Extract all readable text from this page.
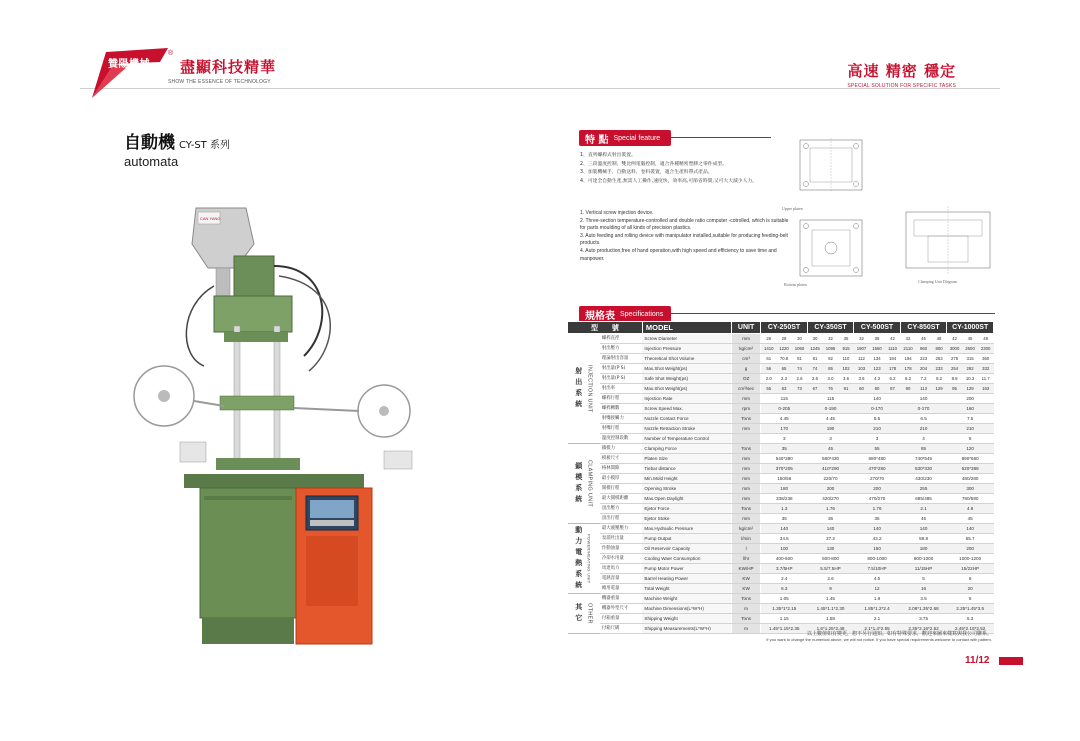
贊陽機械
®
盡顯科技精華
SHOW THE ESSENCE OF TECHNOLOGY
高速 精密 穩定
SPECIAL SOLUTION FOR SPECIFIC TASKS
自動機 CY-ST 系列
automata
CAN YANG
特 點 Special feature
1、直列螺桿式射出裝置。
2、三段溫度控制，雙比例電腦控制，適合各種精密塑膠之零件成型。
3、加裝機械手，自動送料，卷料裝置，適合生產料帶式產品。
4、可達全自動生產,無需人工操作,速度快，效率高,可節省時間,又可大大減少人力。
1. Vertical screw injection device.
2. Three-section temperature-controlled and double ratio computer -cotrolled, which is suitable for parts moulding of all kinds of precision plastics.
3. Auto feeding and rolling device with manipulator installed,suitable for producing feeding-belt products.
4. Auto production,free of hand operation,with high speed and efficiency to save time and manpower.
Upper platen
Bottom platen
Clamping Unit Diagram
規格表 Specifications
型　　號		MODEL	UNIT	CY-250ST			CY-350ST			CY-500ST			CY-850ST			CY-1000ST		

射出系統 INJECTION UNIT	螺桿直徑	Screw Diameter	mm	26	28	30	30	32	35	32	35	42	42	45	48	42	45	48
	射出壓力	Injection Pressure	kg/cm²	1410	1220	1060	1245	1095	915	1907	1560	1110	2110	960	800	3000	2600	2300
	理論射出容量	Theoretical Shot Volume	cm³	61	70.8	81	81	92	110	112	134	184	194	223	253	276	315	360
	射出量(P S)	Max.Shot Weight(ps)	g	56	65	74	74	85	102	103	123	178	178	204	233	254	292	332
	射出量(P S)	Safe Shot Weight(ps)	OZ	2.0	2.3	2.6	2.6	3.0	3.6	3.6	4.3	6.2	6.2	7.2	8.2	8.9	10.3	11.7
	射出率	Max.Shot Weight(ps)	cm³/sec	55	63	73	67	76	91	60	60	87	90	113	129	95	129	163
	螺桿行程	Injection Rate	mm	115			115			140			140			200		
	螺桿轉數	Screw Speed Max.	rpm	0-205			0-190			0-170			0-170			160		
	射嘴接觸力	Nozzle Contact Force	Tons	4.45			4.45			5.5			6.5			7.5		
	射嘴行程	Nozzle Retraction Stroke	mm	170			190			210			210			210		
	溫度控制段數	Number of Temperature Control		3			3			3			4			5		

鎖模系統 CLAMPING UNIT	鎖模力	Clamping Force	Tons	35			45			55			85			120		
	模板尺寸	Platen Size	mm	540*380			580*430			680*480			740*545			890*660		
	格林間隙	Tiebar distance	mm	370*205			410*290			470*280			530*330			620*388		
	最小模厚	Min.Mold Height	mm	150/56			220/70			270/70			430/230			480/280		
	開模行程	Opening Stroke	mm	180			200			200			255			300		
	最大開模距離	Max.Open Daylight	mm	338/238			420/270			470/270			685/485			780/580		
	頂出壓力	Ejetor Force	Tons	1.3			1.76			1.76			2.1			4.8		
	頂出行程	Ejetor Stoke	mm	35			35			35			45			45		

動力電熱系統 POWER/HEATING UNIT	最大液壓壓力	Max.Hydraulic Pressure	kg/cm²	140			140			140			140			140		
	泵浦吐出量	Pump Output	l/min	34.5			37.2			43.2			59.8			65.7		
	作動油量	Oil Reservoir Capacity	l	100			130			150			180			200		
	冷卻水用量	Cooling Waer Consumption	l/hr	400-600			600-800			800-1000			800-1000			1000-1200		
	馬達馬力	Pump Motor Power	KW/HP	3.7/5HP			5.5/7.5HP			7.5/10HP			11/15HP			15/22HP		
	電熱容量	Barrel Heating Power	KW	2.4			2.6			4.5			5			6		
	總用電量	Total Weight	KW	6.3			9			12			16			20		

其它 OTHER	機器重量	Machine Weight	Tons	1.05			1.45			1.9			3.5			5		
	機器外型尺寸	Machine Dimensions(L*W*H)	m	1.35*1*2.15			1.45*1.1*2.30			1.85*1.2*2.4			2.08*1.35*2.68			2.25*1.45*3.5		
	付箱重量	Shipping Weight	Tons	1.15			1.58			2.1			3.75			5.3		
	付箱尺碼	Shipping Measurements(L*W*H)	m	1.45*1.15*2.35			1.6*1.25*2.48			2.1*1.4*2.55			2.35*2.16*2.52			2.45*2.16*2.52		
以上數值如有變更，恕不另行通知。如有特殊要求，歡迎來圖來樣寫與我公司聯系。
If you want to change the numerical above, we will not notice. If you have special requirements,welcome to contact with pattern.
11/12
